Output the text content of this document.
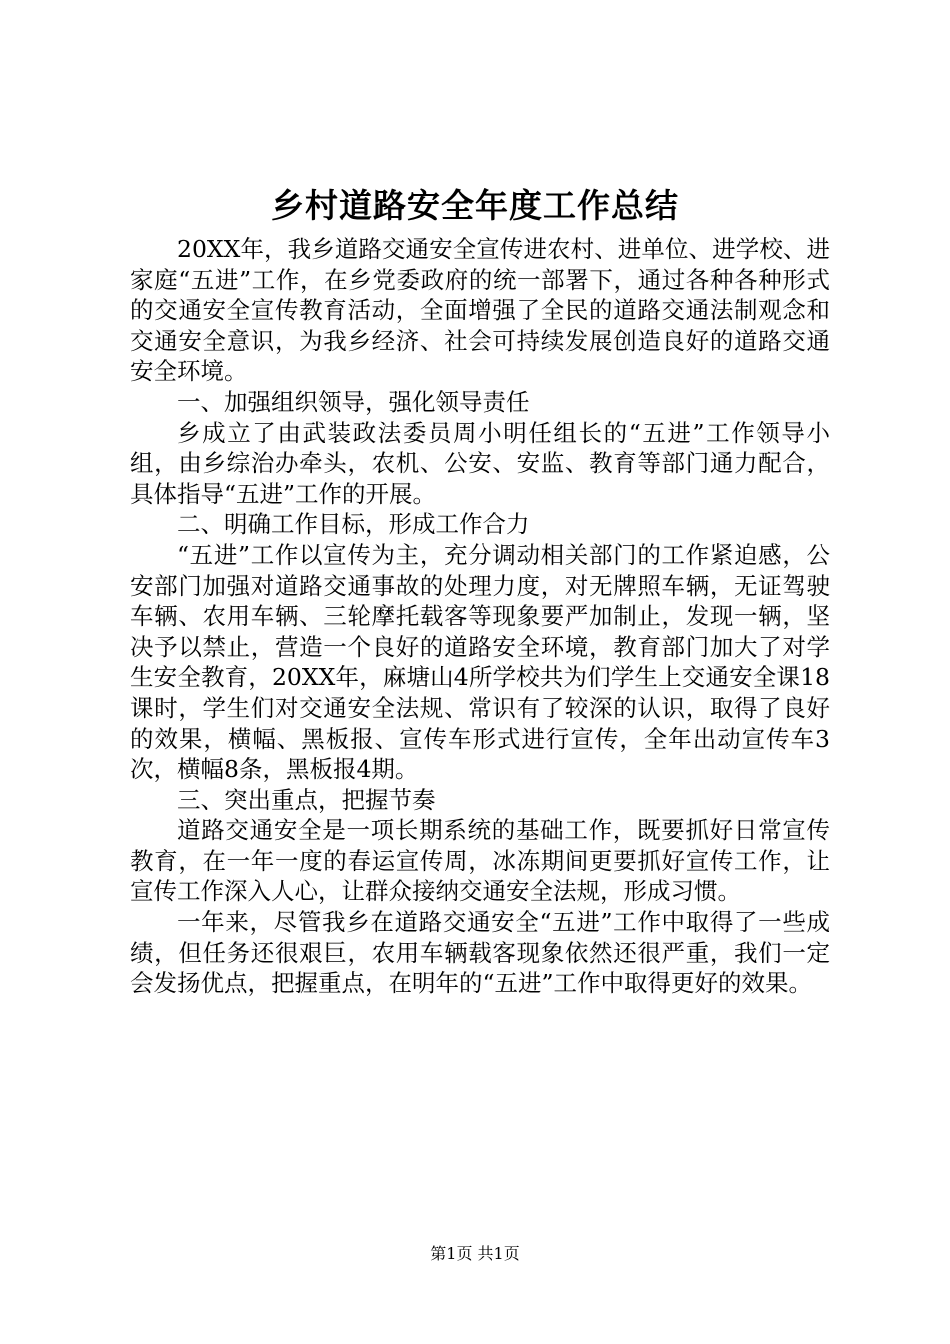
乡村道路安全年度工作总结

20XX年，我乡道路交通安全宣传进农村、进单位、进学校、进家庭“五进”工作，在乡党委政府的统一部署下，通过各种各种形式的交通安全宣传教育活动，全面增强了全民的道路交通法制观念和交通安全意识，为我乡经济、社会可持续发展创造良好的道路交通安全环境。

一、加强组织领导，强化领导责任

乡成立了由武装政法委员周小明任组长的“五进”工作领导小组，由乡综治办牵头，农机、公安、安监、教育等部门通力配合，具体指导“五进”工作的开展。

二、明确工作目标，形成工作合力

“五进”工作以宣传为主，充分调动相关部门的工作紧迫感，公安部门加强对道路交通事故的处理力度，对无牌照车辆，无证驾驶车辆、农用车辆、三轮摩托载客等现象要严加制止，发现一辆，坚决予以禁止，营造一个良好的道路安全环境，教育部门加大了对学生安全教育，20XX年，麻塘山4所学校共为们学生上交通安全课18课时，学生们对交通安全法规、常识有了较深的认识，取得了良好的效果，横幅、黑板报、宣传车形式进行宣传，全年出动宣传车3次，横幅8条，黑板报4期。

三、突出重点，把握节奏

道路交通安全是一项长期系统的基础工作，既要抓好日常宣传教育，在一年一度的春运宣传周，冰冻期间更要抓好宣传工作，让宣传工作深入人心，让群众接纳交通安全法规，形成习惯。

一年来，尽管我乡在道路交通安全“五进”工作中取得了一些成绩，但任务还很艰巨，农用车辆载客现象依然还很严重，我们一定会发扬优点，把握重点，在明年的“五进”工作中取得更好的效果。

第1页 共1页
